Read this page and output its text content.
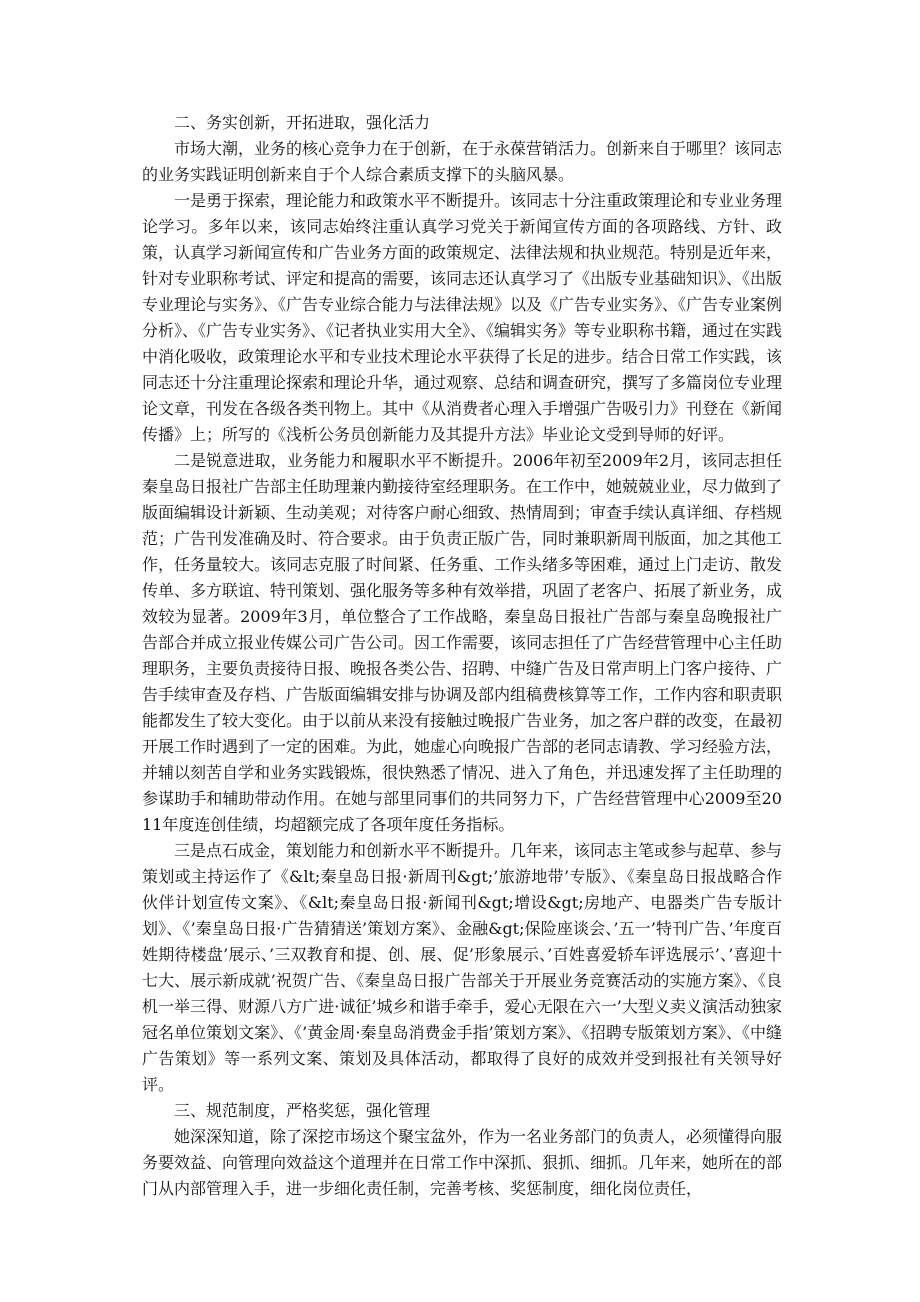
二、务实创新，开拓进取，强化活力

市场大潮，业务的核心竞争力在于创新，在于永葆营销活力。创新来自于哪里？该同志的业务实践证明创新来自于个人综合素质支撑下的头脑风暴。

一是勇于探索，理论能力和政策水平不断提升。该同志十分注重政策理论和专业业务理论学习。多年以来，该同志始终注重认真学习党关于新闻宣传方面的各项路线、方针、政策，认真学习新闻宣传和广告业务方面的政策规定、法律法规和执业规范。特别是近年来，针对专业职称考试、评定和提高的需要，该同志还认真学习了《出版专业基础知识》、《出版专业理论与实务》、《广告专业综合能力与法律法规》以及《广告专业实务》、《广告专业案例分析》、《广告专业实务》、《记者执业实用大全》、《编辑实务》等专业职称书籍，通过在实践中消化吸收，政策理论水平和专业技术理论水平获得了长足的进步。结合日常工作实践，该同志还十分注重理论探索和理论升华，通过观察、总结和调查研究，撰写了多篇岗位专业理论文章，刊发在各级各类刊物上。其中《从消费者心理入手增强广告吸引力》刊登在《新闻传播》上；所写的《浅析公务员创新能力及其提升方法》毕业论文受到导师的好评。

二是锐意进取，业务能力和履职水平不断提升。2006年初至2009年2月，该同志担任秦皇岛日报社广告部主任助理兼内勤接待室经理职务。在工作中，她兢兢业业，尽力做到了版面编辑设计新颖、生动美观；对待客户耐心细致、热情周到；审查手续认真详细、存档规范；广告刊发准确及时、符合要求。由于负责正版广告，同时兼职新周刊版面，加之其他工作，任务量较大。该同志克服了时间紧、任务重、工作头绪多等困难，通过上门走访、散发传单、多方联谊、特刊策划、强化服务等多种有效举措，巩固了老客户、拓展了新业务，成效较为显著。2009年3月，单位整合了工作战略，秦皇岛日报社广告部与秦皇岛晚报社广告部合并成立报业传媒公司广告公司。因工作需要，该同志担任了广告经营管理中心主任助理职务，主要负责接待日报、晚报各类公告、招聘、中缝广告及日常声明上门客户接待、广告手续审查及存档、广告版面编辑安排与协调及部内组稿费核算等工作，工作内容和职责职能都发生了较大变化。由于以前从来没有接触过晚报广告业务，加之客户群的改变，在最初开展工作时遇到了一定的困难。为此，她虚心向晚报广告部的老同志请教、学习经验方法，并辅以刻苦自学和业务实践锻炼，很快熟悉了情况、进入了角色，并迅速发挥了主任助理的参谋助手和辅助带动作用。在她与部里同事们的共同努力下，广告经营管理中心2009至2011年度连创佳绩，均超额完成了各项年度任务指标。

三是点石成金，策划能力和创新水平不断提升。几年来，该同志主笔或参与起草、参与策划或主持运作了《&lt;秦皇岛日报·新周刊&gt;’旅游地带’专版》、《秦皇岛日报战略合作伙伴计划宣传文案》、《&lt;秦皇岛日报·新闻刊&gt;增设&gt;房地产、电器类广告专版计划》、《’秦皇岛日报·广告猜猜送’策划方案》、金融&gt;保险座谈会、’五一’特刊广告、’年度百姓期待楼盘’展示、’三双教育和提、创、展、促’形象展示、’百姓喜爱轿车评选展示’、’喜迎十七大、展示新成就’祝贺广告、《秦皇岛日报广告部关于开展业务竞赛活动的实施方案》、《良机一举三得、财源八方广进·诚征’城乡和谐手牵手，爱心无限在六一’大型义卖义演活动独家冠名单位策划文案》、《’黄金周·秦皇岛消费金手指’策划方案》、《招聘专版策划方案》、《中缝广告策划》等一系列文案、策划及具体活动，都取得了良好的成效并受到报社有关领导好评。

三、规范制度，严格奖惩，强化管理

她深深知道，除了深挖市场这个聚宝盆外，作为一名业务部门的负责人，必须懂得向服务要效益、向管理向效益这个道理并在日常工作中深抓、狠抓、细抓。几年来，她所在的部门从内部管理入手，进一步细化责任制，完善考核、奖惩制度，细化岗位责任，
